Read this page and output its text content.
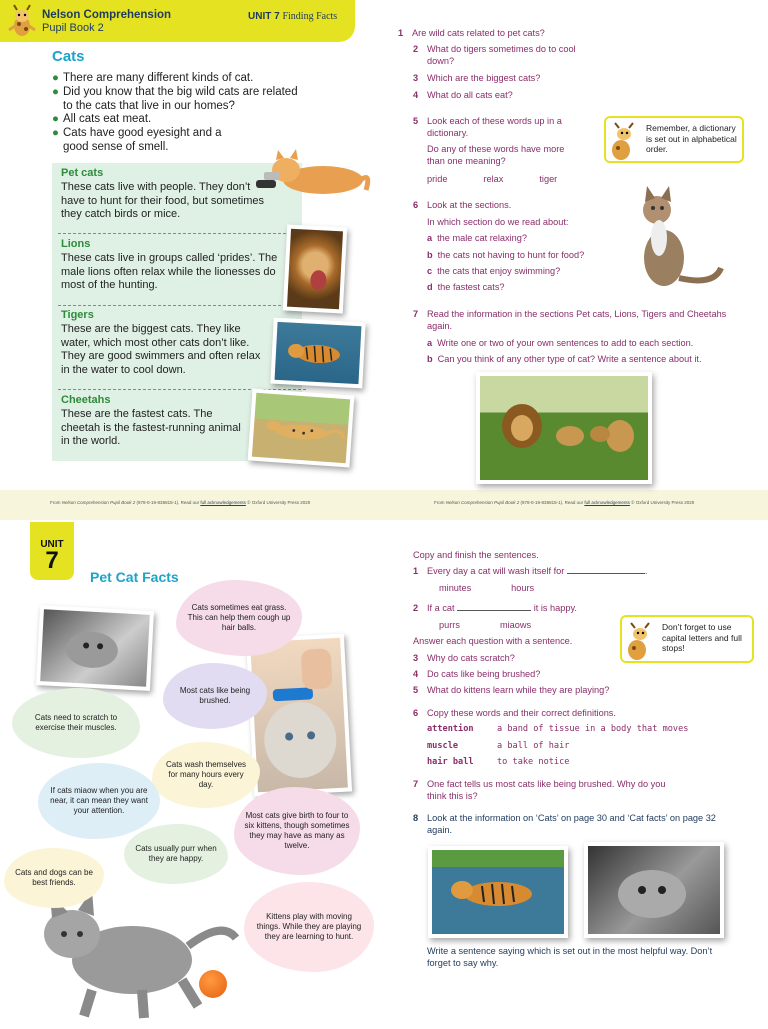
Nelson Comprehension
Pupil Book 2
UNIT 7 Finding Facts
Cats
● There are many different kinds of cat.
● Did you know that the big wild cats are related to the cats that live in our homes?
● All cats eat meat.
● Cats have good eyesight and a good sense of smell.
Pet cats
These cats live with people. They don’t have to hunt for their food, but sometimes they catch birds or mice.
Lions
These cats live in groups called ‘prides’. The male lions often relax while the lionesses do most of the hunting.
Tigers
These are the biggest cats. They like water, which most other cats don’t like. They are good swimmers and often relax in the water to cool down.
Cheetahs
These are the fastest cats. The cheetah is the fastest-running animal in the world.
From Nelson Comprehension Pupil Book 2 (978-0-19-836815-1). Read our full acknowledgements © Oxford University Press 2020
1 Are wild cats related to pet cats?
2 What do tigers sometimes do to cool down?
3 Which are the biggest cats?
4 What do all cats eat?
5 Look each of these words up in a dictionary.
Do any of these words have more than one meaning?
pride	relax	tiger
Remember, a dictionary is set out in alphabetical order.
6 Look at the sections.
In which section do we read about:
a the male cat relaxing?
b the cats not having to hunt for food?
c the cats that enjoy swimming?
d the fastest cats?
7 Read the information in the sections Pet cats, Lions, Tigers and Cheetahs again.
a Write one or two of your own sentences to add to each section.
b Can you think of any other type of cat? Write a sentence about it.
From Nelson Comprehension Pupil Book 2 (978-0-19-836815-1). Read our full acknowledgements © Oxford University Press 2020
UNIT
7
Pet Cat Facts
Cats sometimes eat grass. This can help them cough up hair balls.
Most cats like being brushed.
Cats need to scratch to exercise their muscles.
Cats wash themselves for many hours every day.
If cats miaow when you are near, it can mean they want your attention.
Most cats give birth to four to six kittens, though sometimes they may have as many as twelve.
Cats usually purr when they are happy.
Cats and dogs can be best friends.
Kittens play with moving things. While they are playing they are learning to hunt.
Copy and finish the sentences.
1 Every day a cat will wash itself for	.
minutes	hours
2 If a cat	it is happy.
purrs	miaows
Answer each question with a sentence.
3 Why do cats scratch?
4 Do cats like being brushed?
5 What do kittens learn while they are playing?
Don’t forget to use capital letters and full stops!
6 Copy these words and their correct definitions.
attention	a band of tissue in a body that moves
muscle	a ball of hair
hair ball	to take notice
7 One fact tells us most cats like being brushed. Why do you think this is?
8 Look at the information on ‘Cats’ on page 30 and ‘Cat facts’ on page 32 again.
Write a sentence saying which is set out in the most helpful way. Don’t forget to say why.
